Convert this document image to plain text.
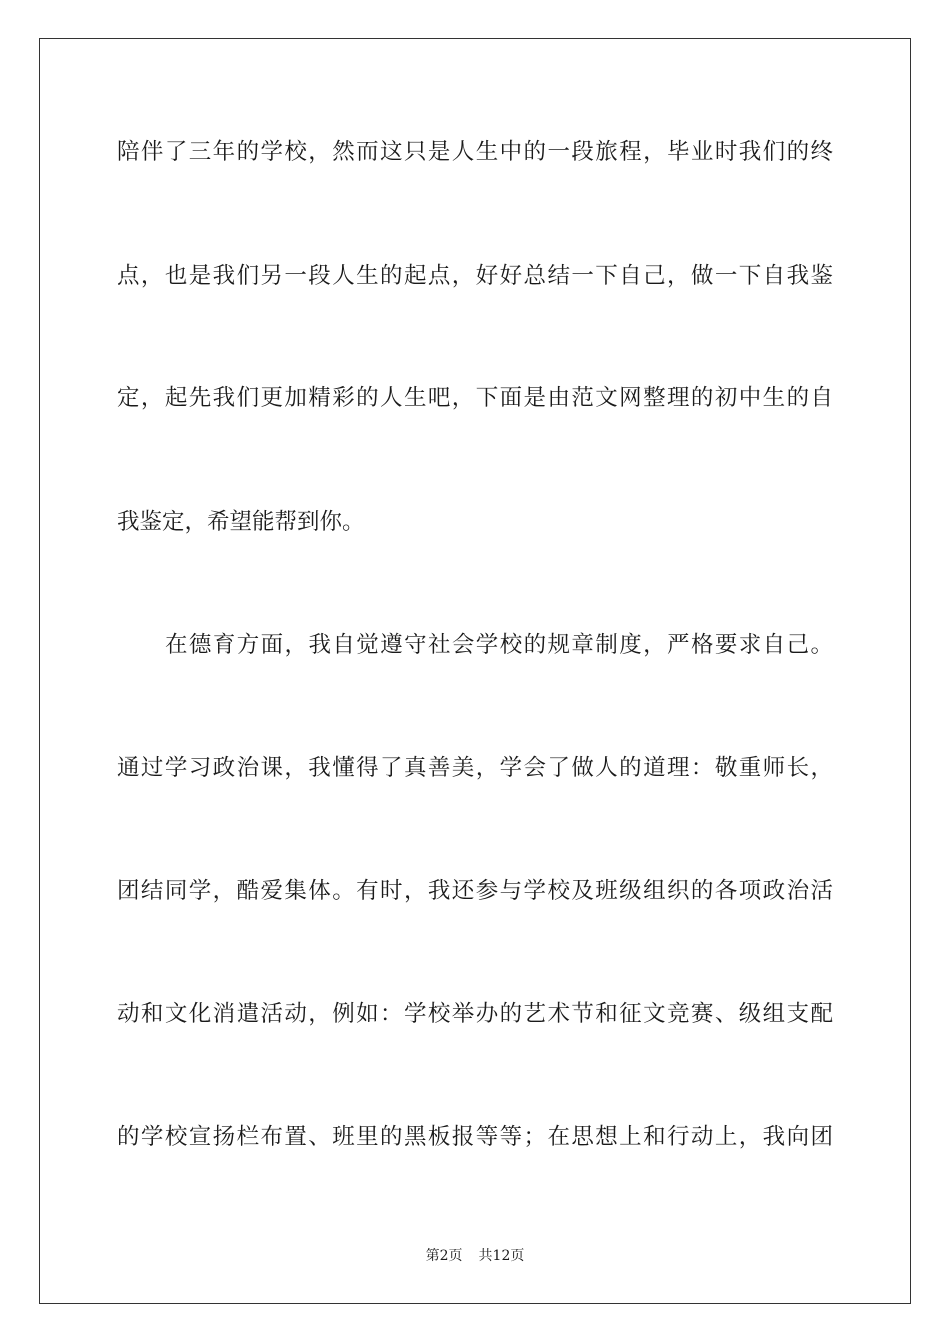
陪伴了三年的学校，然而这只是人生中的一段旅程，毕业时我们的终
点，也是我们另一段人生的起点，好好总结一下自己，做一下自我鉴
定，起先我们更加精彩的人生吧，下面是由范文网整理的初中生的自
我鉴定，希望能帮到你。
在德育方面，我自觉遵守社会学校的规章制度，严格要求自己。
通过学习政治课，我懂得了真善美，学会了做人的道理：敬重师长，
团结同学，酷爱集体。有时，我还参与学校及班级组织的各项政治活
动和文化消遣活动，例如：学校举办的艺术节和征文竞赛、级组支配
的学校宣扬栏布置、班里的黑板报等等；在思想上和行动上，我向团
第2页 共12页
